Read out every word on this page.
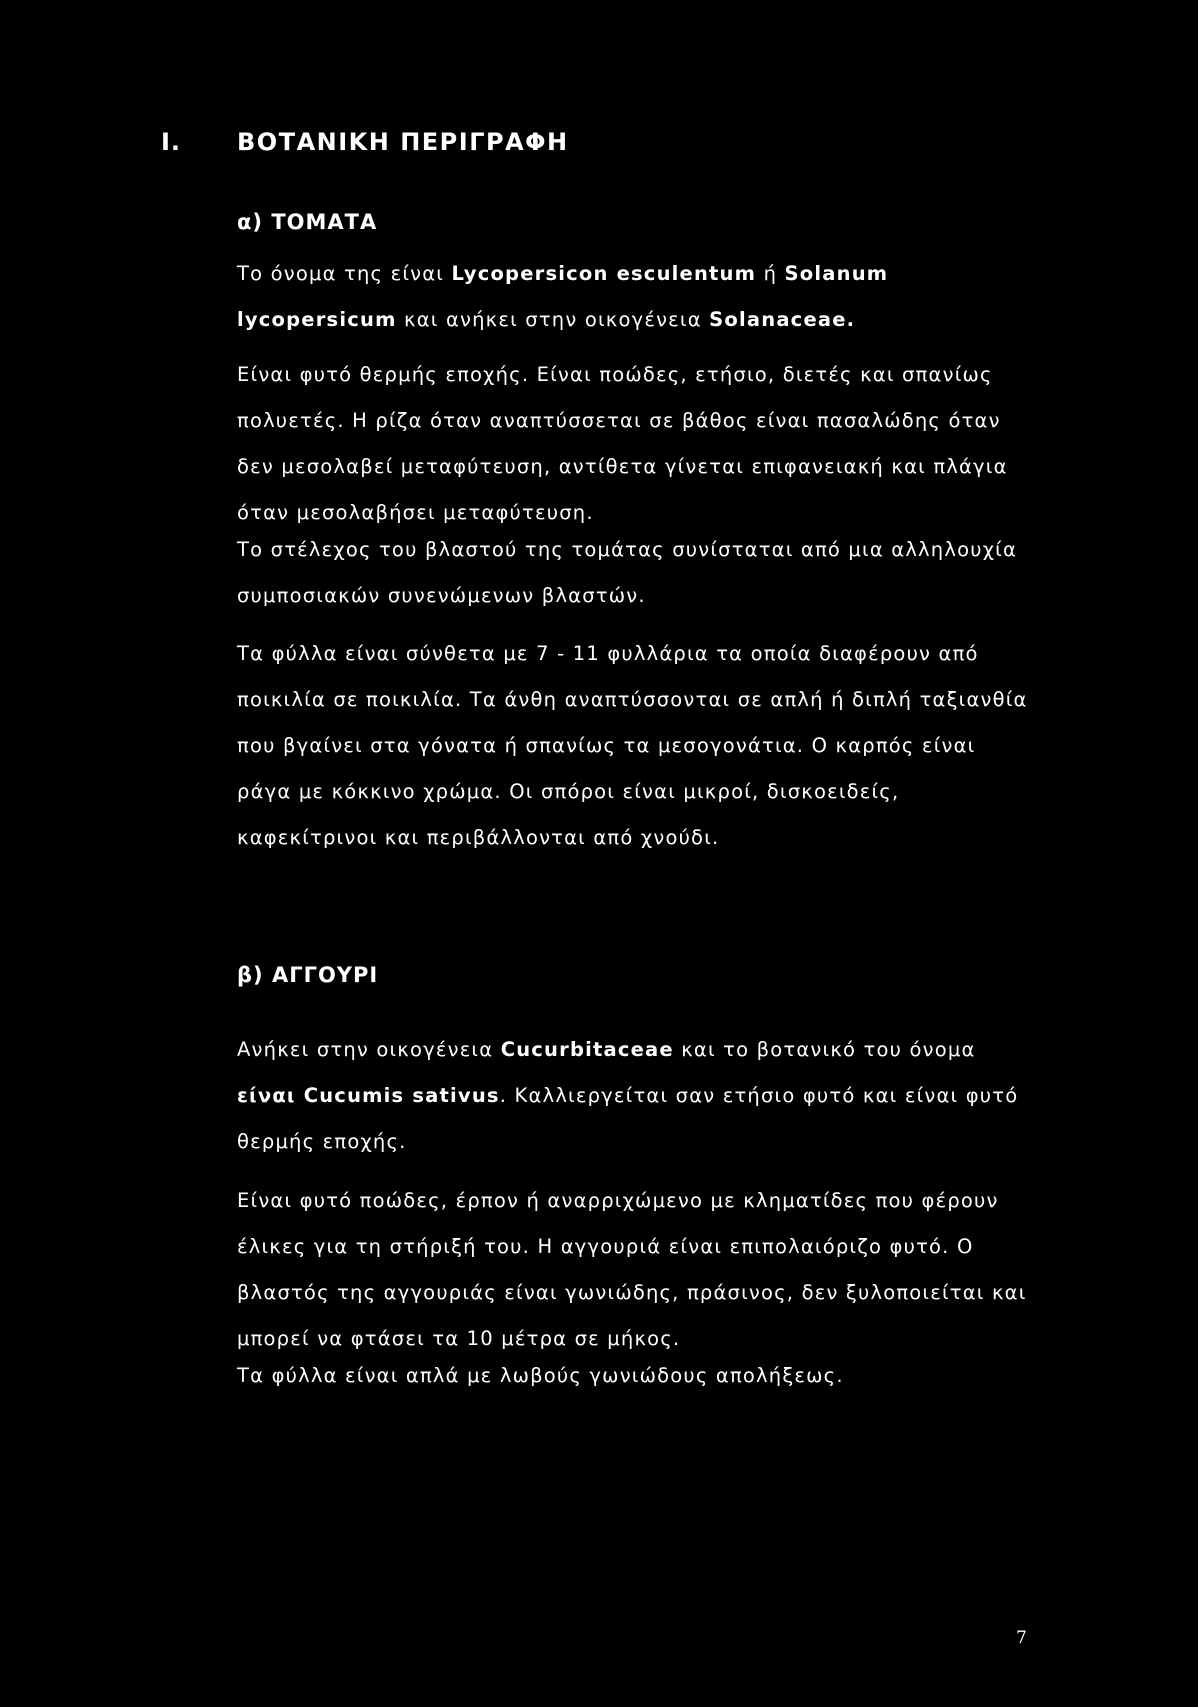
I. ΒΟΤΑΝΙΚΗ ΠΕΡΙΓΡΑΦΗ
α) ΤΟΜΑΤΑ

Το όνομα της είναι Lycopersicon esculentum ή Solanum lycopersicum και ανήκει στην οικογένεια Solanaceae.

Είναι φυτό θερμής εποχής. Είναι ποώδες, ετήσιο, διετές και σπανίως πολυετές. Η ρίζα όταν αναπτύσσεται σε βάθος είναι πασαλώδης όταν δεν μεσολαβεί μεταφύτευση, αντίθετα γίνεται επιφανειακή και πλάγια όταν μεσολαβήσει μεταφύτευση.

Το στέλεχος του βλαστού της τομάτας συνίσταται από μια αλληλουχία συμποσιακών συνενώμενων βλαστών.

Τα φύλλα είναι σύνθετα με 7 - 11 φυλλάρια τα οποία διαφέρουν από ποικιλία σε ποικιλία. Τα άνθη αναπτύσσονται σε απλή ή διπλή ταξιανθία που βγαίνει στα γόνατα ή σπανίως τα μεσογονάτια. Ο καρπός είναι ράγα με κόκκινο χρώμα. Οι σπόροι είναι μικροί, δισκοειδείς, καφεκίτρινοι και περιβάλλονται από χνούδι.

β) ΑΓΓΟΥΡΙ

Ανήκει στην οικογένεια Cucurbitaceae και το βοτανικό του όνομα είναι Cucumis sativus. Καλλιεργείται σαν ετήσιο φυτό και είναι φυτό θερμής εποχής.

Είναι φυτό ποώδες, έρπον ή αναρριχώμενο με κληματίδες που φέρουν έλικες για τη στήριξή του. Η αγγουριά είναι επιπολαιόριζο φυτό. Ο βλαστός της αγγουριάς είναι γωνιώδης, πράσινος, δεν ξυλοποιείται και μπορεί να φτάσει τα 10 μέτρα σε μήκος.

Τα φύλλα είναι απλά με λωβούς γωνιώδους απολήξεως.

7
